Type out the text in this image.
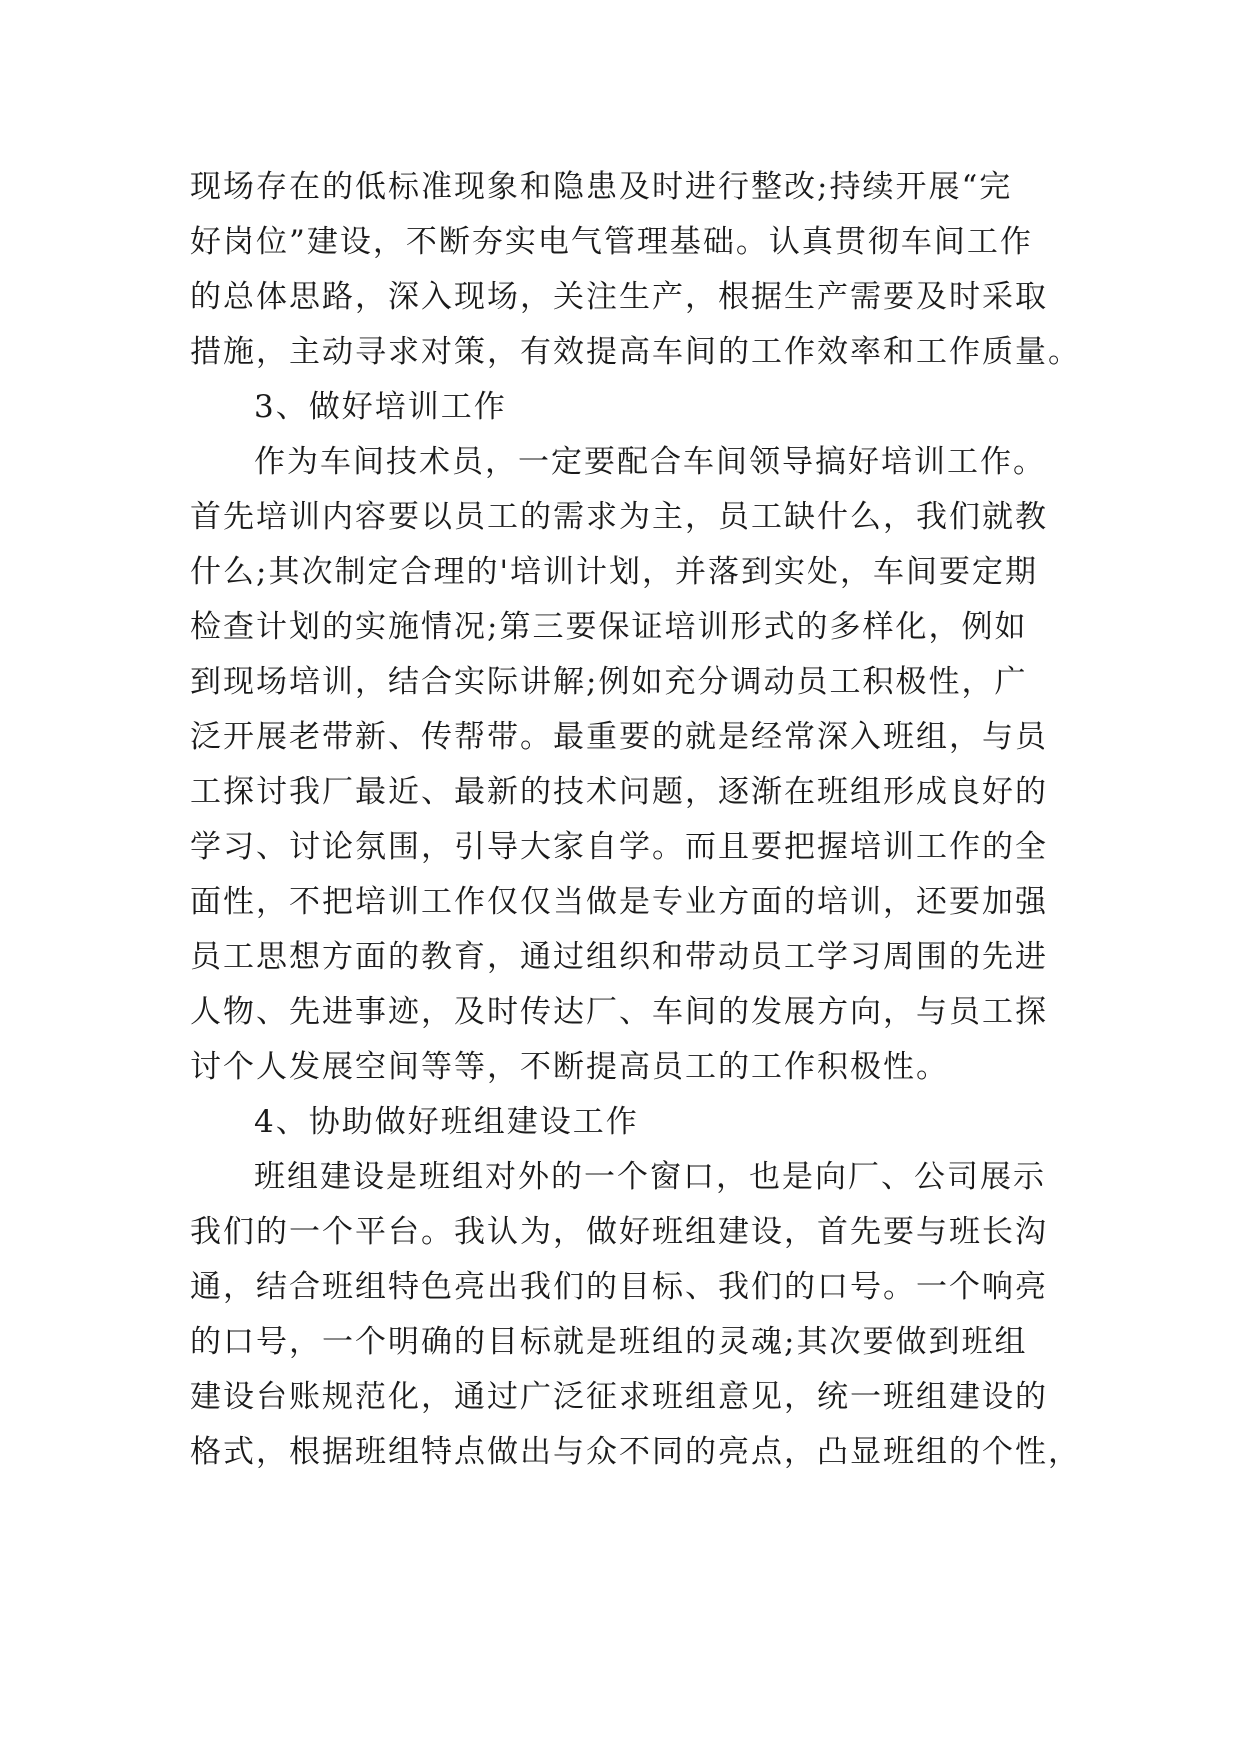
现场存在的低标准现象和隐患及时进行整改;持续开展“完
好岗位”建设，不断夯实电气管理基础。认真贯彻车间工作
的总体思路，深入现场，关注生产，根据生产需要及时采取
措施，主动寻求对策，有效提高车间的工作效率和工作质量。
3、做好培训工作
作为车间技术员，一定要配合车间领导搞好培训工作。
首先培训内容要以员工的需求为主，员工缺什么，我们就教
什么;其次制定合理的'培训计划，并落到实处，车间要定期
检查计划的实施情况;第三要保证培训形式的多样化，例如
到现场培训，结合实际讲解;例如充分调动员工积极性，广
泛开展老带新、传帮带。最重要的就是经常深入班组，与员
工探讨我厂最近、最新的技术问题，逐渐在班组形成良好的
学习、讨论氛围，引导大家自学。而且要把握培训工作的全
面性，不把培训工作仅仅当做是专业方面的培训，还要加强
员工思想方面的教育，通过组织和带动员工学习周围的先进
人物、先进事迹，及时传达厂、车间的发展方向，与员工探
讨个人发展空间等等，不断提高员工的工作积极性。
4、协助做好班组建设工作
班组建设是班组对外的一个窗口，也是向厂、公司展示
我们的一个平台。我认为，做好班组建设，首先要与班长沟
通，结合班组特色亮出我们的目标、我们的口号。一个响亮
的口号，一个明确的目标就是班组的灵魂;其次要做到班组
建设台账规范化，通过广泛征求班组意见，统一班组建设的
格式，根据班组特点做出与众不同的亮点，凸显班组的个性，
